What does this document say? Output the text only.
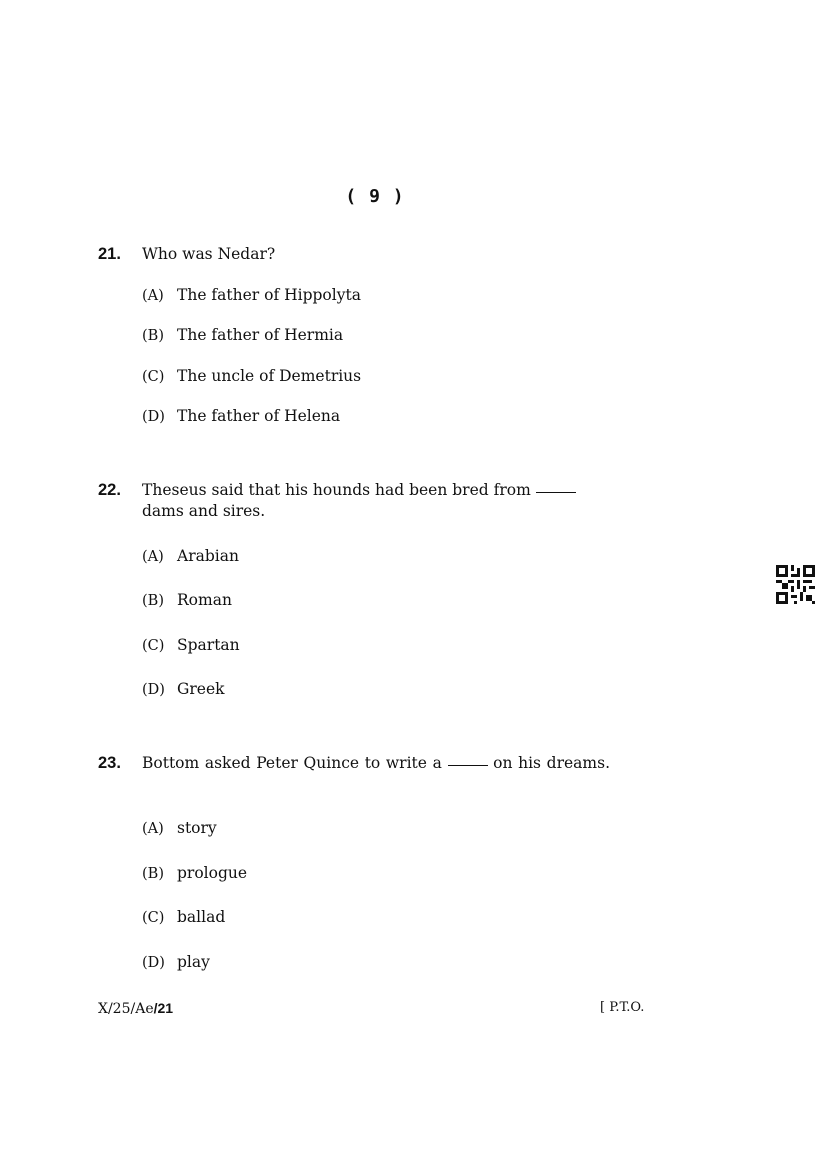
( 9 )
21. Who was Nedar?
(A) The father of Hippolyta
(B) The father of Hermia
(C) The uncle of Demetrius
(D) The father of Helena
22. Theseus said that his hounds had been bred from
dams and sires.
(A) Arabian
(B) Roman
(C) Spartan
(D) Greek
23. Bottom asked Peter Quince to write a	on his dreams.
(A) story
(B) prologue
(C) ballad
(D) play
X/25/Ae/21	[ P.T.O.
